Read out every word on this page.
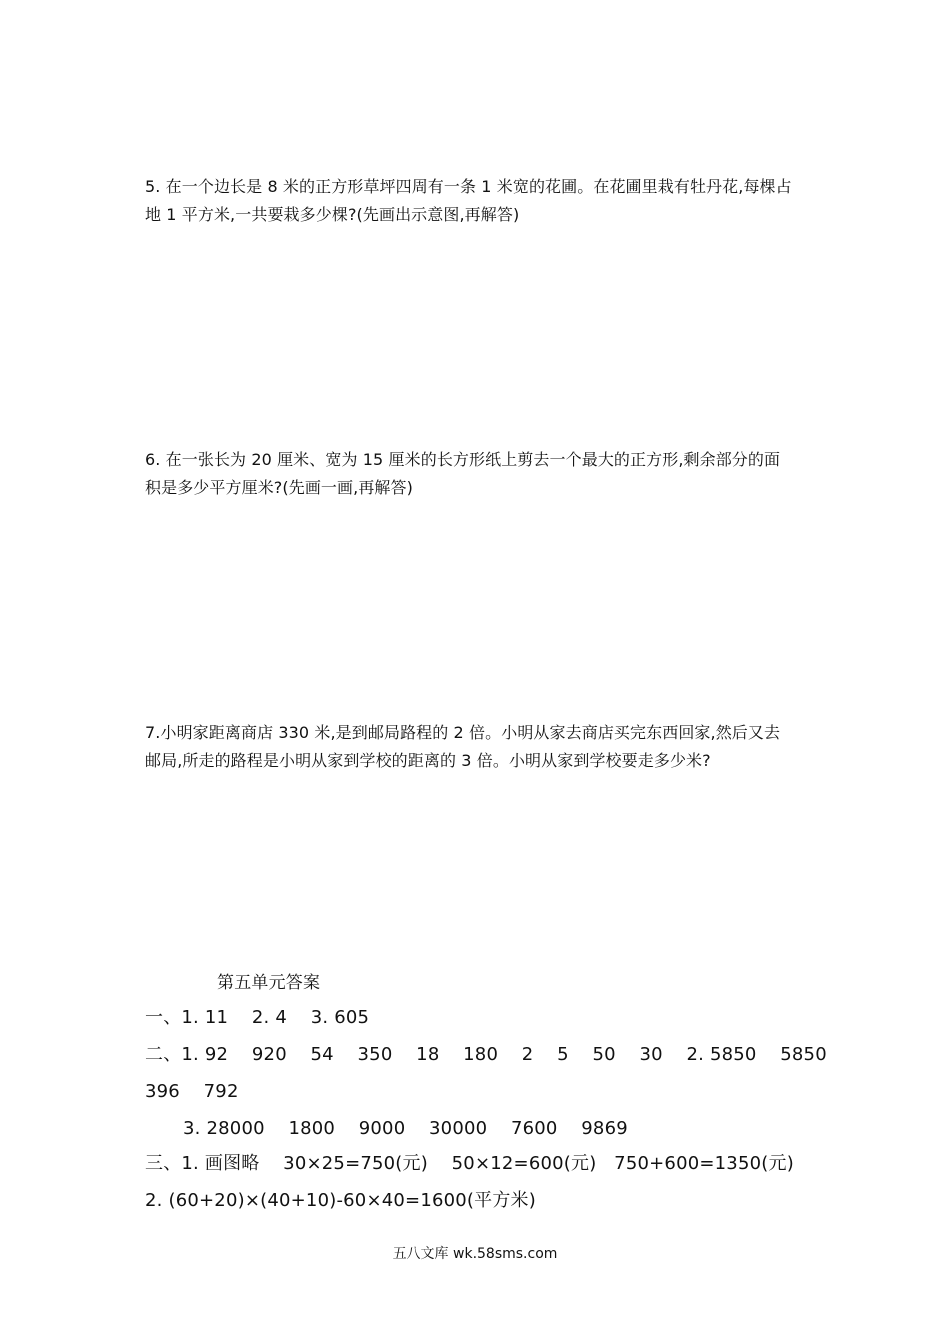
5. 在一个边长是 8 米的正方形草坪四周有一条 1 米宽的花圃。在花圃里栽有牡丹花,每棵占

地 1 平方米,一共要栽多少棵?(先画出示意图,再解答)

6. 在一张长为 20 厘米、宽为 15 厘米的长方形纸上剪去一个最大的正方形,剩余部分的面

积是多少平方厘米?(先画一画,再解答)

7.小明家距离商店 330 米,是到邮局路程的 2 倍。小明从家去商店买完东西回家,然后又去

邮局,所走的路程是小明从家到学校的距离的 3 倍。小明从家到学校要走多少米?

第五单元答案

一、1. 11    2. 4    3. 605

二、1. 92    920    54    350    18    180    2    5    50    30    2. 5850    5850

396    792

3. 28000    1800    9000    30000    7600    9869

三、1. 画图略    30×25=750(元)    50×12=600(元)   750+600=1350(元)

2. (60+20)×(40+10)-60×40=1600(平方米)

五八文库 wk.58sms.com
